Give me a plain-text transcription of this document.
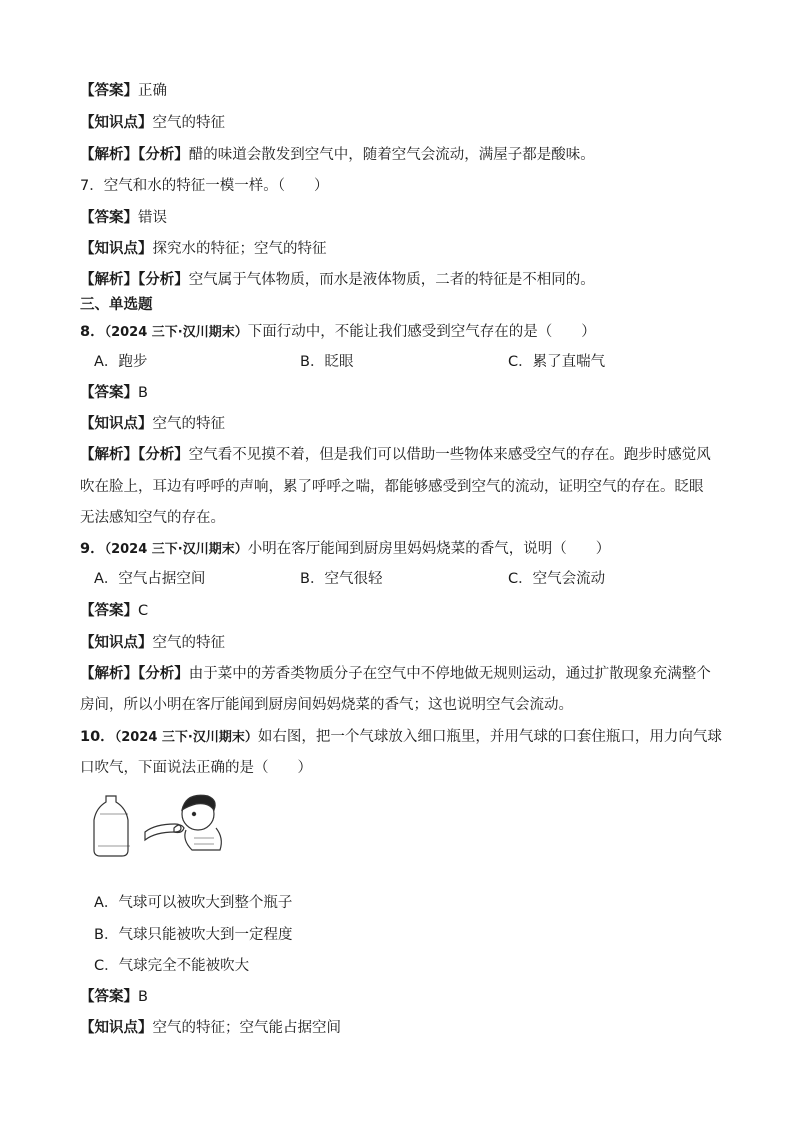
【答案】正确
【知识点】空气的特征
【解析】【分析】醋的味道会散发到空气中，随着空气会流动，满屋子都是酸味。
7．空气和水的特征一模一样。（　　）
【答案】错误
【知识点】探究水的特征；空气的特征
【解析】【分析】空气属于气体物质，而水是液体物质，二者的特征是不相同的。
三、单选题
8．（2024 三下·汉川期末）下面行动中，不能让我们感受到空气存在的是（　　）
A．跑步	B．眨眼	C．累了直喘气
【答案】B
【知识点】空气的特征
【解析】【分析】空气看不见摸不着，但是我们可以借助一些物体来感受空气的存在。跑步时感觉风
吹在脸上，耳边有呼呼的声响，累了呼呼之喘，都能够感受到空气的流动，证明空气的存在。眨眼
无法感知空气的存在。
9．（2024 三下·汉川期末）小明在客厅能闻到厨房里妈妈烧菜的香气，说明（　　）
A．空气占据空间	B．空气很轻	C．空气会流动
【答案】C
【知识点】空气的特征
【解析】【分析】由于菜中的芳香类物质分子在空气中不停地做无规则运动，通过扩散现象充满整个
房间，所以小明在客厅能闻到厨房间妈妈烧菜的香气；这也说明空气会流动。
10．（2024 三下·汉川期末）如右图，把一个气球放入细口瓶里，并用气球的口套住瓶口，用力向气球
口吹气，下面说法正确的是（　　）
A．气球可以被吹大到整个瓶子
B．气球只能被吹大到一定程度
C．气球完全不能被吹大
【答案】B
【知识点】空气的特征；空气能占据空间
